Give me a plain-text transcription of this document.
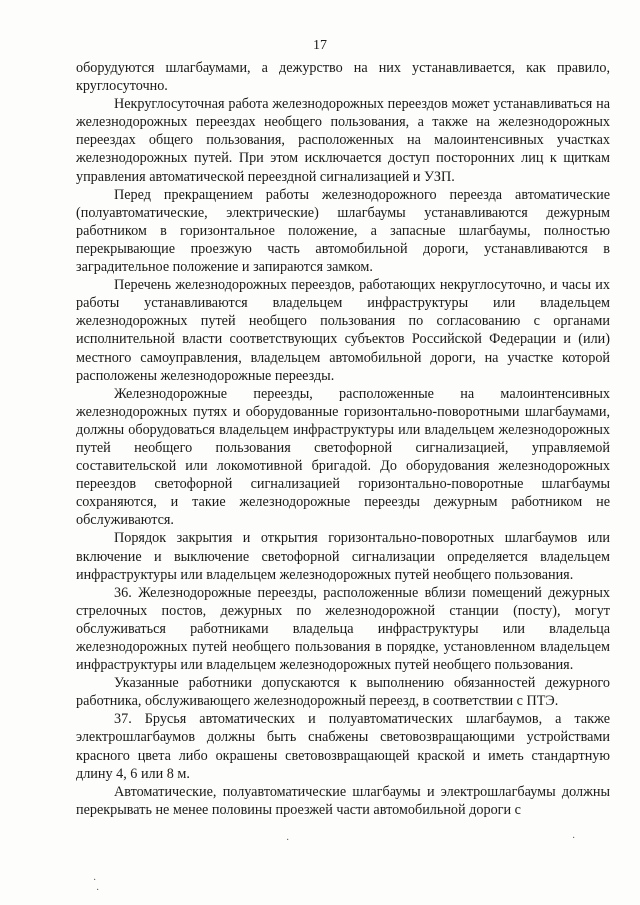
17

оборудуются шлагбаумами, а дежурство на них устанавливается, как правило, круглосуточно.

Некруглосуточная работа железнодорожных переездов может устанавливаться на железнодорожных переездах необщего пользования, а также на железнодорожных переездах общего пользования, расположенных на малоинтенсивных участках железнодорожных путей. При этом исключается доступ посторонних лиц к щиткам управления автоматической переездной сигнализацией и УЗП.

Перед прекращением работы железнодорожного переезда автоматические (полуавтоматические, электрические) шлагбаумы устанавливаются дежурным работником в горизонтальное положение, а запасные шлагбаумы, полностью перекрывающие проезжую часть автомобильной дороги, устанавливаются в заградительное положение и запираются замком.

Перечень железнодорожных переездов, работающих некруглосуточно, и часы их работы устанавливаются владельцем инфраструктуры или владельцем железнодорожных путей необщего пользования по согласованию с органами исполнительной власти соответствующих субъектов Российской Федерации и (или) местного самоуправления, владельцем автомобильной дороги, на участке которой расположены железнодорожные переезды.

Железнодорожные переезды, расположенные на малоинтенсивных железнодорожных путях и оборудованные горизонтально-поворотными шлагбаумами, должны оборудоваться владельцем инфраструктуры или владельцем железнодорожных путей необщего пользования светофорной сигнализацией, управляемой составительской или локомотивной бригадой. До оборудования железнодорожных переездов светофорной сигнализацией горизонтально-поворотные шлагбаумы сохраняются, и такие железнодорожные переезды дежурным работником не обслуживаются.

Порядок закрытия и открытия горизонтально-поворотных шлагбаумов или включение и выключение светофорной сигнализации определяется владельцем инфраструктуры или владельцем железнодорожных путей необщего пользования.

36. Железнодорожные переезды, расположенные вблизи помещений дежурных стрелочных постов, дежурных по железнодорожной станции (посту), могут обслуживаться работниками владельца инфраструктуры или владельца железнодорожных путей необщего пользования в порядке, установленном владельцем инфраструктуры или владельцем железнодорожных путей необщего пользования.

Указанные работники допускаются к выполнению обязанностей дежурного работника, обслуживающего железнодорожный переезд, в соответствии с ПТЭ.

37. Брусья автоматических и полуавтоматических шлагбаумов, а также электрошлагбаумов должны быть снабжены световозвращающими устройствами красного цвета либо окрашены световозвращающей краской и иметь стандартную длину 4, 6 или 8 м.

Автоматические, полуавтоматические шлагбаумы и электрошлагбаумы должны перекрывать не менее половины проезжей части автомобильной дороги с

·	·
·
·
